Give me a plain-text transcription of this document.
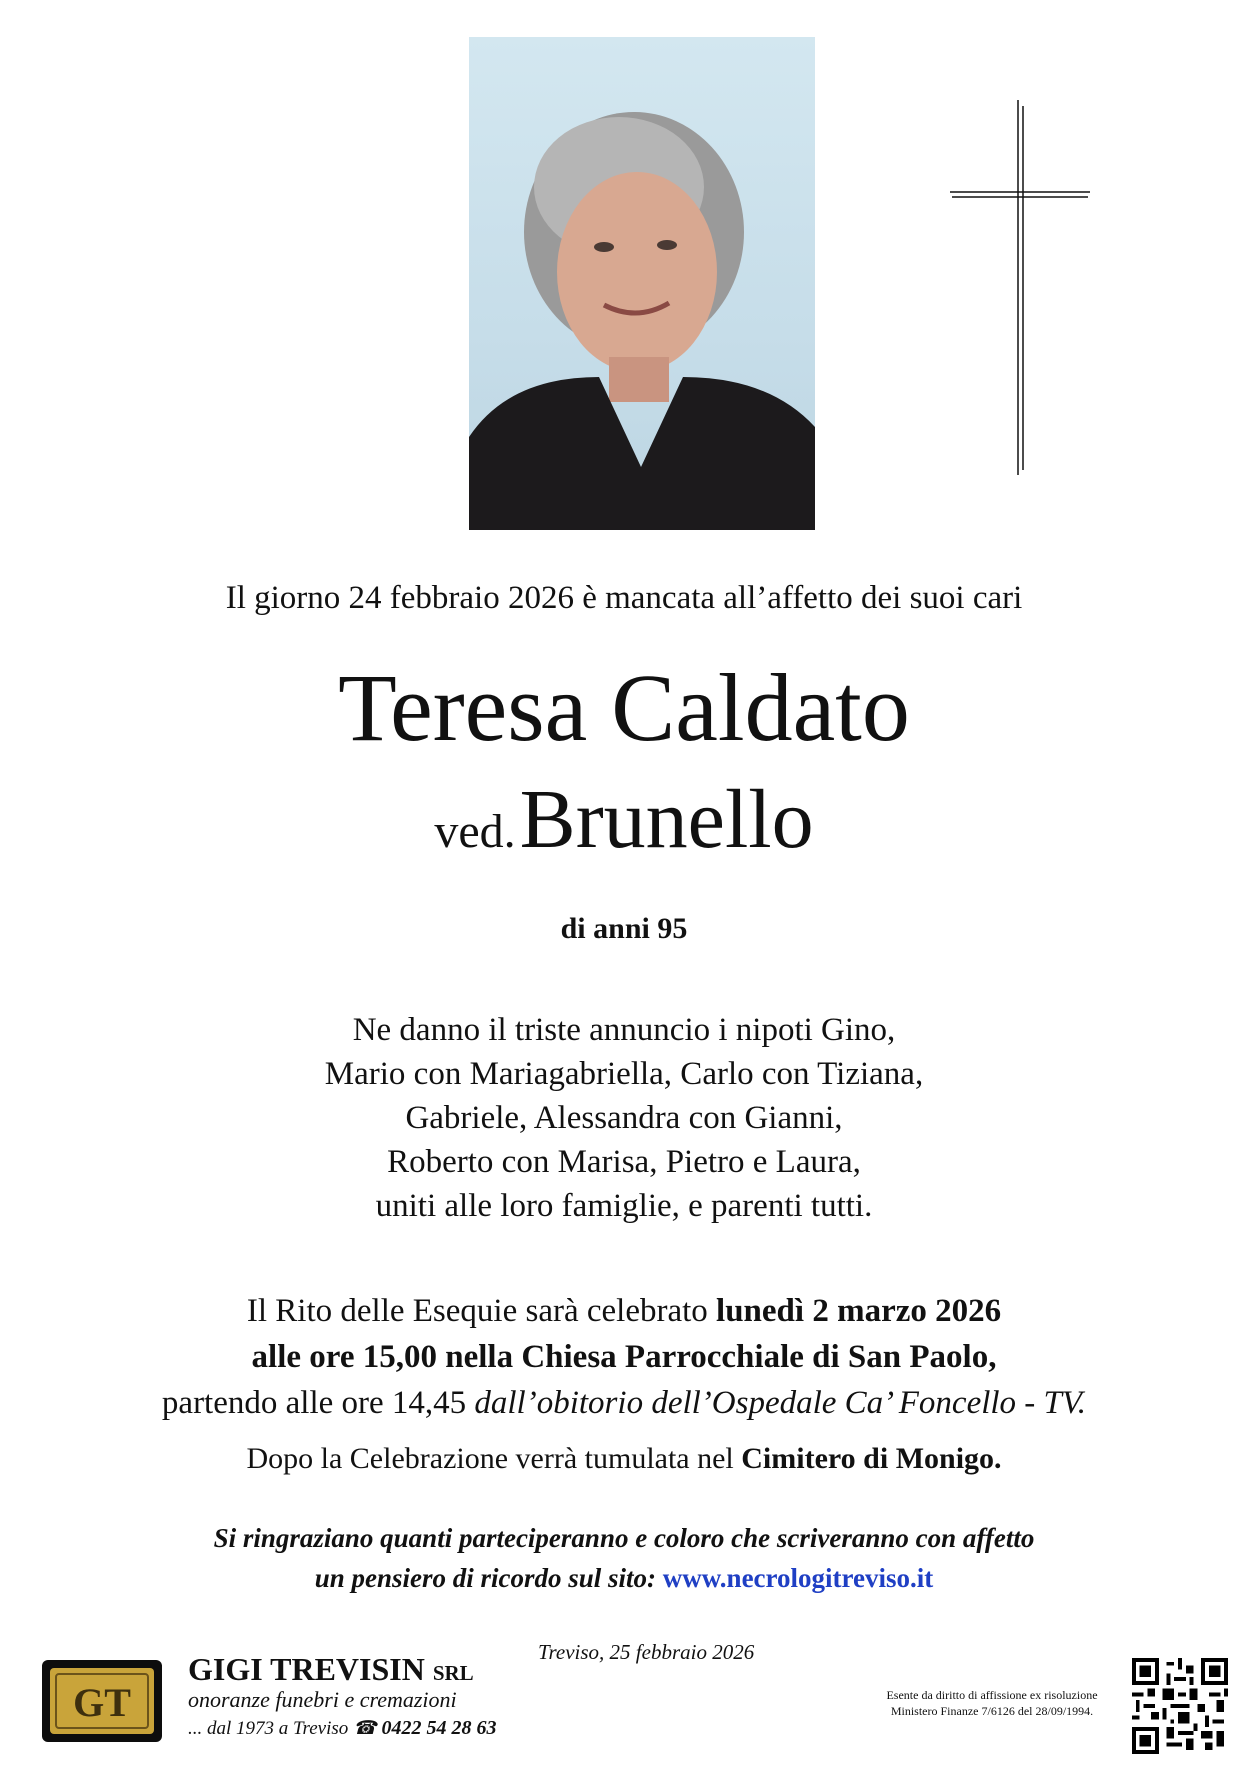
Il giorno 24 febbraio 2026 è mancata all’affetto dei suoi cari
Teresa Caldato
ved. Brunello
di anni 95
Ne danno il triste annuncio i nipoti Gino,
Mario con Mariagabriella, Carlo con Tiziana,
Gabriele, Alessandra con Gianni,
Roberto con Marisa, Pietro e Laura,
uniti alle loro famiglie, e parenti tutti.
Il Rito delle Esequie sarà celebrato lunedì 2 marzo 2026
alle ore 15,00 nella Chiesa Parrocchiale di San Paolo,
partendo alle ore 14,45 dall’obitorio dell’Ospedale Ca’ Foncello - TV.
Dopo la Celebrazione verrà tumulata nel Cimitero di Monigo.
Si ringraziano quanti parteciperanno e coloro che scriveranno con affetto
un pensiero di ricordo sul sito: www.necrologitreviso.it
Treviso, 25 febbraio 2026
GT
GIGI TREVISIN SRL
onoranze funebri e cremazioni
... dal 1973 a Treviso ☎ 0422 54 28 63
Esente da diritto di affissione ex risoluzione
Ministero Finanze 7/6126 del 28/09/1994.
